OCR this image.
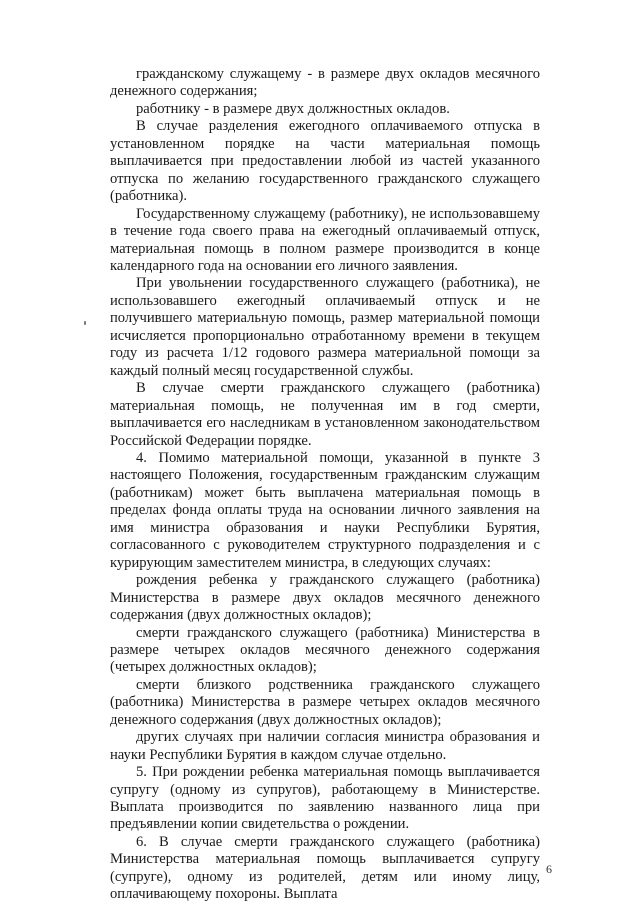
гражданскому служащему - в размере двух окладов месячного денежного содержания;

работнику - в размере двух должностных окладов.

В случае разделения ежегодного оплачиваемого отпуска в установленном порядке на части материальная помощь выплачивается при предоставлении любой из частей указанного отпуска по желанию государственного гражданского служащего (работника).

Государственному служащему (работнику), не использовавшему в течение года своего права на ежегодный оплачиваемый отпуск, материальная помощь в полном размере производится в конце календарного года на основании его личного заявления.

При увольнении государственного служащего (работника), не использовавшего ежегодный оплачиваемый отпуск и не получившего материальную помощь, размер материальной помощи исчисляется пропорционально отработанному времени в текущем году из расчета 1/12 годового размера материальной помощи за каждый полный месяц государственной службы.

В случае смерти гражданского служащего (работника) материальная помощь, не полученная им в год смерти, выплачивается его наследникам в установленном законодательством Российской Федерации порядке.

4. Помимо материальной помощи, указанной в пункте 3 настоящего Положения, государственным гражданским служащим (работникам) может быть выплачена материальная помощь в пределах фонда оплаты труда на основании личного заявления на имя министра образования и науки Республики Бурятия, согласованного с руководителем структурного подразделения и с курирующим заместителем министра, в следующих случаях:

рождения ребенка у гражданского служащего (работника) Министерства в размере двух окладов месячного денежного содержания (двух должностных окладов);

смерти гражданского служащего (работника) Министерства в размере четырех окладов месячного денежного содержания (четырех должностных окладов);

смерти близкого родственника гражданского служащего (работника) Министерства в размере четырех окладов месячного денежного содержания (двух должностных окладов);

других случаях при наличии согласия министра образования и науки Республики Бурятия в каждом случае отдельно.

5. При рождении ребенка материальная помощь выплачивается супругу (одному из супругов), работающему в Министерстве. Выплата производится по заявлению названного лица при предъявлении копии свидетельства о рождении.

6. В случае смерти гражданского служащего (работника) Министерства материальная помощь выплачивается супругу (супруге), одному из родителей, детям или иному лицу, оплачивающему похороны. Выплата

6
